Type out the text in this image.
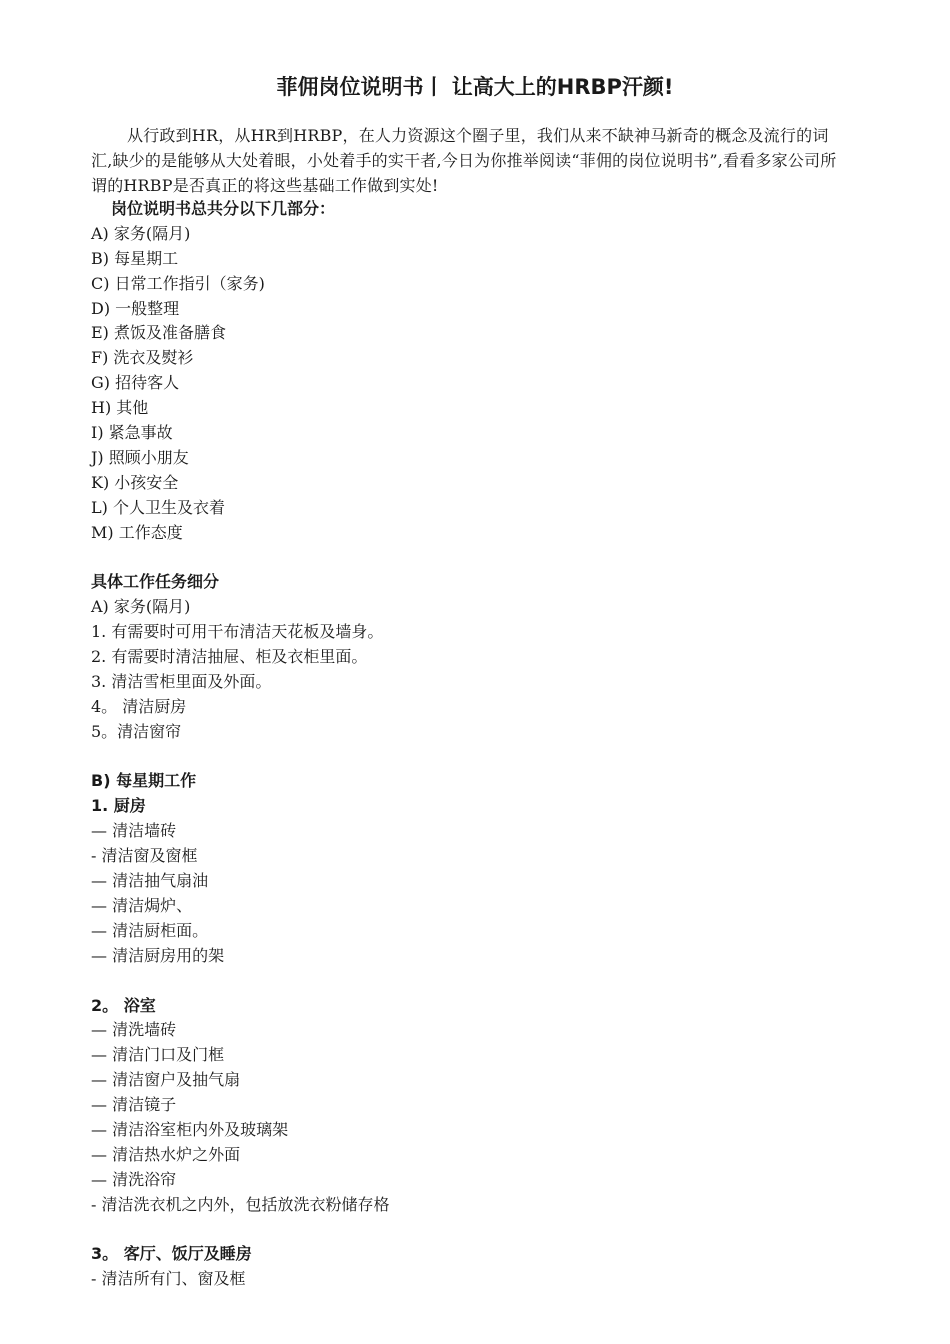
菲佣岗位说明书丨 让高大上的HRBP汗颜!

从行政到HR，从HR到HRBP，在人力资源这个圈子里，我们从来不缺神马新奇的概念及流行的词汇,缺少的是能够从大处着眼，小处着手的实干者,今日为你推举阅读“菲佣的岗位说明书”,看看多家公司所谓的HRBP是否真正的将这些基础工作做到实处!

岗位说明书总共分以下几部分：
A) 家务(隔月)
B) 每星期工
C) 日常工作指引（家务)
D) 一般整理
E) 煮饭及准备膳食
F) 洗衣及熨衫
G) 招待客人
H) 其他
I) 紧急事故
J) 照顾小朋友
K) 小孩安全
L) 个人卫生及衣着
M) 工作态度
具体工作任务细分
A) 家务(隔月)
1. 有需要时可用干布清洁天花板及墙身。
2. 有需要时清洁抽屉、柜及衣柜里面。
3. 清洁雪柜里面及外面。
4。 清洁厨房
5。清洁窗帘
B) 每星期工作
1. 厨房
— 清洁墙砖
- 清洁窗及窗框
— 清洁抽气扇油
— 清洁焗炉、
— 清洁厨柜面。
— 清洁厨房用的架
2。 浴室
— 清洗墙砖
— 清洁门口及门框
— 清洁窗户及抽气扇
— 清洁镜子
— 清洁浴室柜内外及玻璃架
— 清洁热水炉之外面
— 清洗浴帘
- 清洁洗衣机之内外，包括放洗衣粉储存格
3。 客厅、饭厅及睡房
- 清洁所有门、窗及框
